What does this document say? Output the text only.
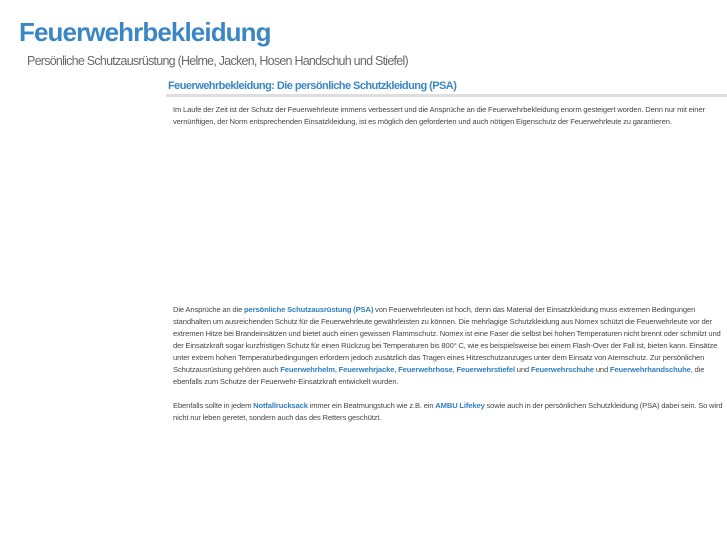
Feuerwehrbekleidung

Persönliche Schutzausrüstung (Helme, Jacken, Hosen Handschuh und Stiefel)

Feuerwehrbekleidung: Die persönliche Schutzkleidung (PSA)

Im Laufe der Zeit ist der Schutz der Feuerwehrleute immens verbessert und die Ansprüche an die Feuerwehrbekleidung enorm gesteigert worden. Denn nur mit einer vernünftigen, der Norm entsprechenden Einsatzkleidung, ist es möglich den geforderten und auch nötigen Eigenschutz der Feuerwehrleute zu garantieren.

Die Ansprüche an die persönliche Schutzausrüstung (PSA) von Feuerwehrleuten ist hoch, denn das Material der Einsatzkleidung muss extremen Bedingungen standhalten um ausreichenden Schutz für die Feuerwehrleute gewährleisten zu können. Die mehrlagige Schutzkleidung aus Nomex schützt die Feuerwehrleute vor der extremen Hitze bei Brandeinsätzen und bietet auch einen gewissen Flammschutz. Nomex ist eine Faser die selbst bei hohen Temperaturen nicht brennt oder schmilzt und der Einsatzkraft sogar kurzfristigen Schutz für einen Rückzug bei Temperaturen bis 800° C, wie es beispielsweise bei einem Flash-Over der Fall ist, bieten kann. Einsätze unter extrem hohen Temperaturbedingungen erfordern jedoch zusätzlich das Tragen eines Hitzeschutzanzuges unter dem Einsatz von Atemschutz. Zur persönlichen Schutzausrüstung gehören auch Feuerwehrhelm, Feuerwehrjacke, Feuerwehrhose, Feuerwehrstiefel und Feuerwehrschuhe und Feuerwehrhandschuhe, die ebenfalls zum Schutze der Feuerwehr-Einsatzkraft entwickelt wurden.

Ebenfalls sollte in jedem Notfallrucksack immer ein Beatmungstuch wie z.B. ein AMBU Lifekey sowie auch in der persönlichen Schutzkleidung (PSA) dabei sein. So wird nicht nur leben geretet, sondern auch das des Retters geschützt.
